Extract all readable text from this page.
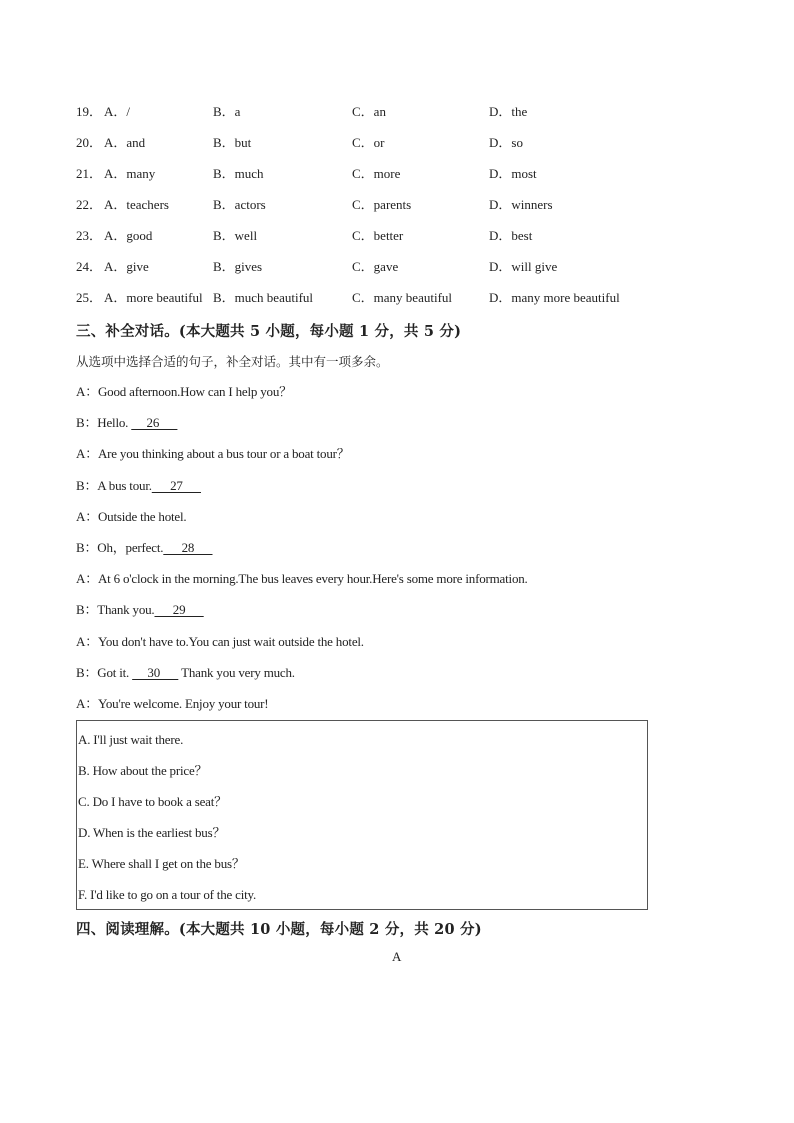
19． A．/	B．a	C．an	D．the
20． A．and	B．but	C．or	D．so
21． A．many	B．much	C．more	D．most
22． A．teachers	B．actors	C．parents	D．winners
23． A．good	B．well	C．better	D．best
24． A．give	B．gives	C．gave	D．will give
25． A．more beautiful B．much beautiful	C．many beautiful	D．many more beautiful
三、补全对话。(本大题共 5 小题，每小题 1 分，共 5 分)
从选项中选择合适的句子，补全对话。其中有一项多余。
A：Good afternoon.How can I help you？
B：Hello.      26
A：Are you thinking about a bus tour or a boat tour？
B：A bus tour.      27
A：Outside the hotel.
B：Oh，perfect.      28
A：At 6 o'clock in the morning.The bus leaves every hour.Here's some more information.
B：Thank you.      29
A：You don't have to.You can just wait outside the hotel.
B：Got it.      30       Thank you very much.
A：You're welcome. Enjoy your tour!
A. I'll just wait there.
B. How about the price？
C. Do I have to book a seat？
D. When is the earliest bus？
E. Where shall I get on the bus？
F. I'd like to go on a tour of the city.
四、阅读理解。(本大题共 10 小题，每小题 2 分，共 20 分)
A
